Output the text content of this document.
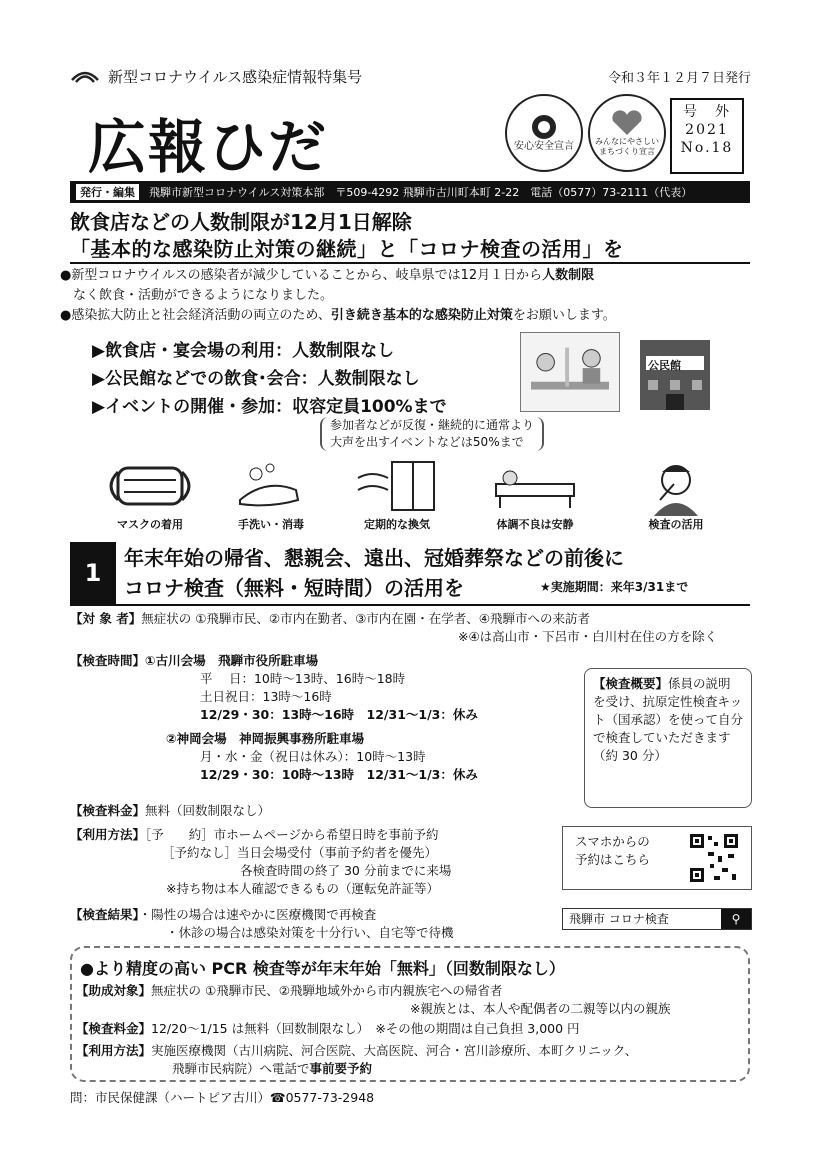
新型コロナウイルス感染症情報特集号	令和３年１２月７日発行
広報ひだ	安心安全宣言	みんなにやさしい まちづくり宣言
号　外
2021
No.18
発行・編集	飛騨市新型コロナウイルス対策本部　〒509-4292 飛騨市古川町本町 2-22　電話（0577）73-2111（代表）
飲食店などの人数制限が12月1日解除
「基本的な感染防止対策の継続」と「コロナ検査の活用」を
●新型コロナウイルスの感染者が減少していることから、岐阜県では12月１日から人数制限
なく飲食・活動ができるようになりました。
●感染拡大防止と社会経済活動の両立のため、引き続き基本的な感染防止対策をお願いします。
▶飲食店・宴会場の利用：人数制限なし
▶公民館などでの飲食･会合：人数制限なし
▶イベントの開催・参加：収容定員100%まで
参加者などが反復・継続的に通常より
大声を出すイベントなどは50%まで
公民館
マスクの着用	手洗い・消毒	定期的な換気	体調不良は安静	検査の活用
1
年末年始の帰省、懇親会、遠出、冠婚葬祭などの前後に
コロナ検査（無料・短時間）の活用を	★実施期間：来年3/31まで
【対 象 者】無症状の ①飛騨市民、②市内在勤者、③市内在園・在学者、④飛騨市への来訪者
※④は高山市・下呂市・白川村在住の方を除く
【検査時間】①古川会場　飛騨市役所駐車場
平　 日：10時〜13時、16時〜18時
土日祝日：13時〜16時
12/29・30：13時〜16時　12/31〜1/3：休み
②神岡会場　神岡振興事務所駐車場
月・水・金（祝日は休み）：10時〜13時
12/29・30：10時〜13時　12/31〜1/3：休み
【検査料金】無料（回数制限なし）
【利用方法】［予　　約］市ホームページから希望日時を事前予約
［予約なし］当日会場受付（事前予約者を優先）
各検査時間の終了 30 分前までに来場
※持ち物は本人確認できるもの（運転免許証等）
【検査結果】・陽性の場合は速やかに医療機関で再検査
・休診の場合は感染対策を十分行い、自宅等で待機
【検査概要】係員の説明を受け、抗原定性検査キット（国承認）を使って自分で検査していただきます（約 30 分）
スマホからの
予約はこちら
飛騨市 コロナ検査	⚲
●より精度の高い PCR 検査等が年末年始「無料」（回数制限なし）
【助成対象】無症状の ①飛騨市民、②飛騨地域外から市内親族宅への帰省者
※親族とは、本人や配偶者の二親等以内の親族
【検査料金】12/20〜1/15 は無料（回数制限なし）　※その他の期間は自己負担 3,000 円
【利用方法】実施医療機関（古川病院、河合医院、大高医院、河合・宮川診療所、本町クリニック、
飛騨市民病院）へ電話で事前要予約
問：市民保健課（ハートピア古川）☎0577-73-2948
